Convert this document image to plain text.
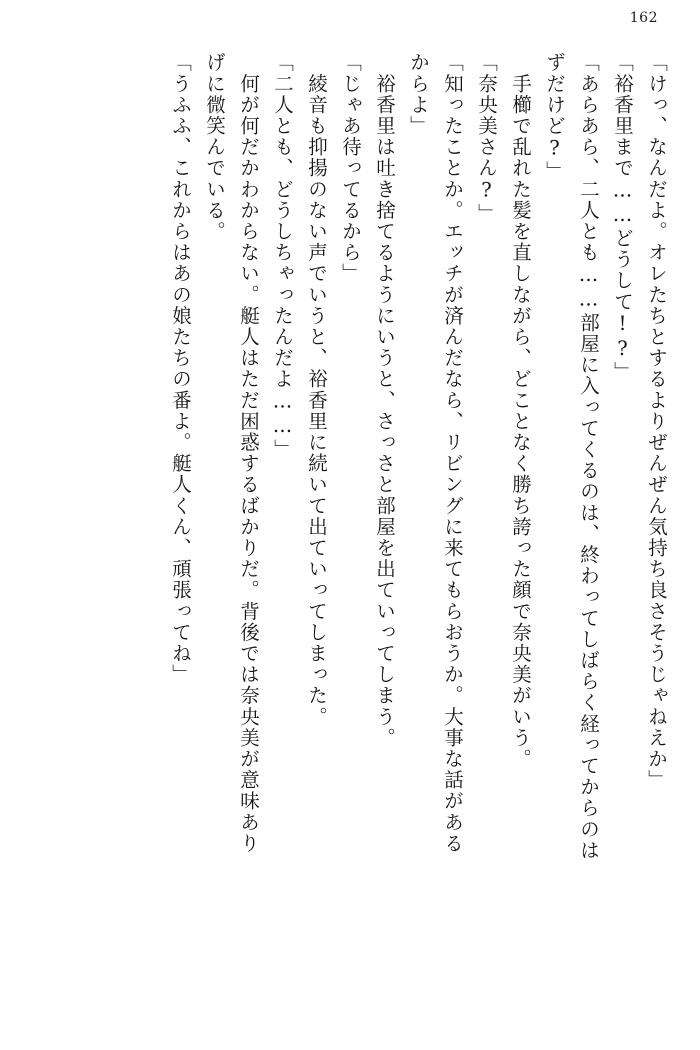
162
「けっ、なんだよ。オレたちとするよりぜんぜん気持ち良さそうじゃねえか」
「裕香里まで……どうして!?」
「あらあら、二人とも……部屋に入ってくるのは、終わってしばらく経ってからのは
ずだけど?」
　手櫛で乱れた髪を直しながら、どことなく勝ち誇った顔で奈央美がいう。
「奈央美さん?」
「知ったことか。エッチが済んだなら、リビングに来てもらおうか。大事な話がある
からよ」
　裕香里は吐き捨てるようにいうと、さっさと部屋を出ていってしまう。
「じゃあ待ってるから」
　綾音も抑揚のない声でいうと、裕香里に続いて出ていってしまった。
「二人とも、どうしちゃったんだよ……」
　何が何だかわからない。艇人はただ困惑するばかりだ。背後では奈央美が意味あり
げに微笑んでいる。
「うふふ、これからはあの娘たちの番よ。艇人くん、頑張ってね」
